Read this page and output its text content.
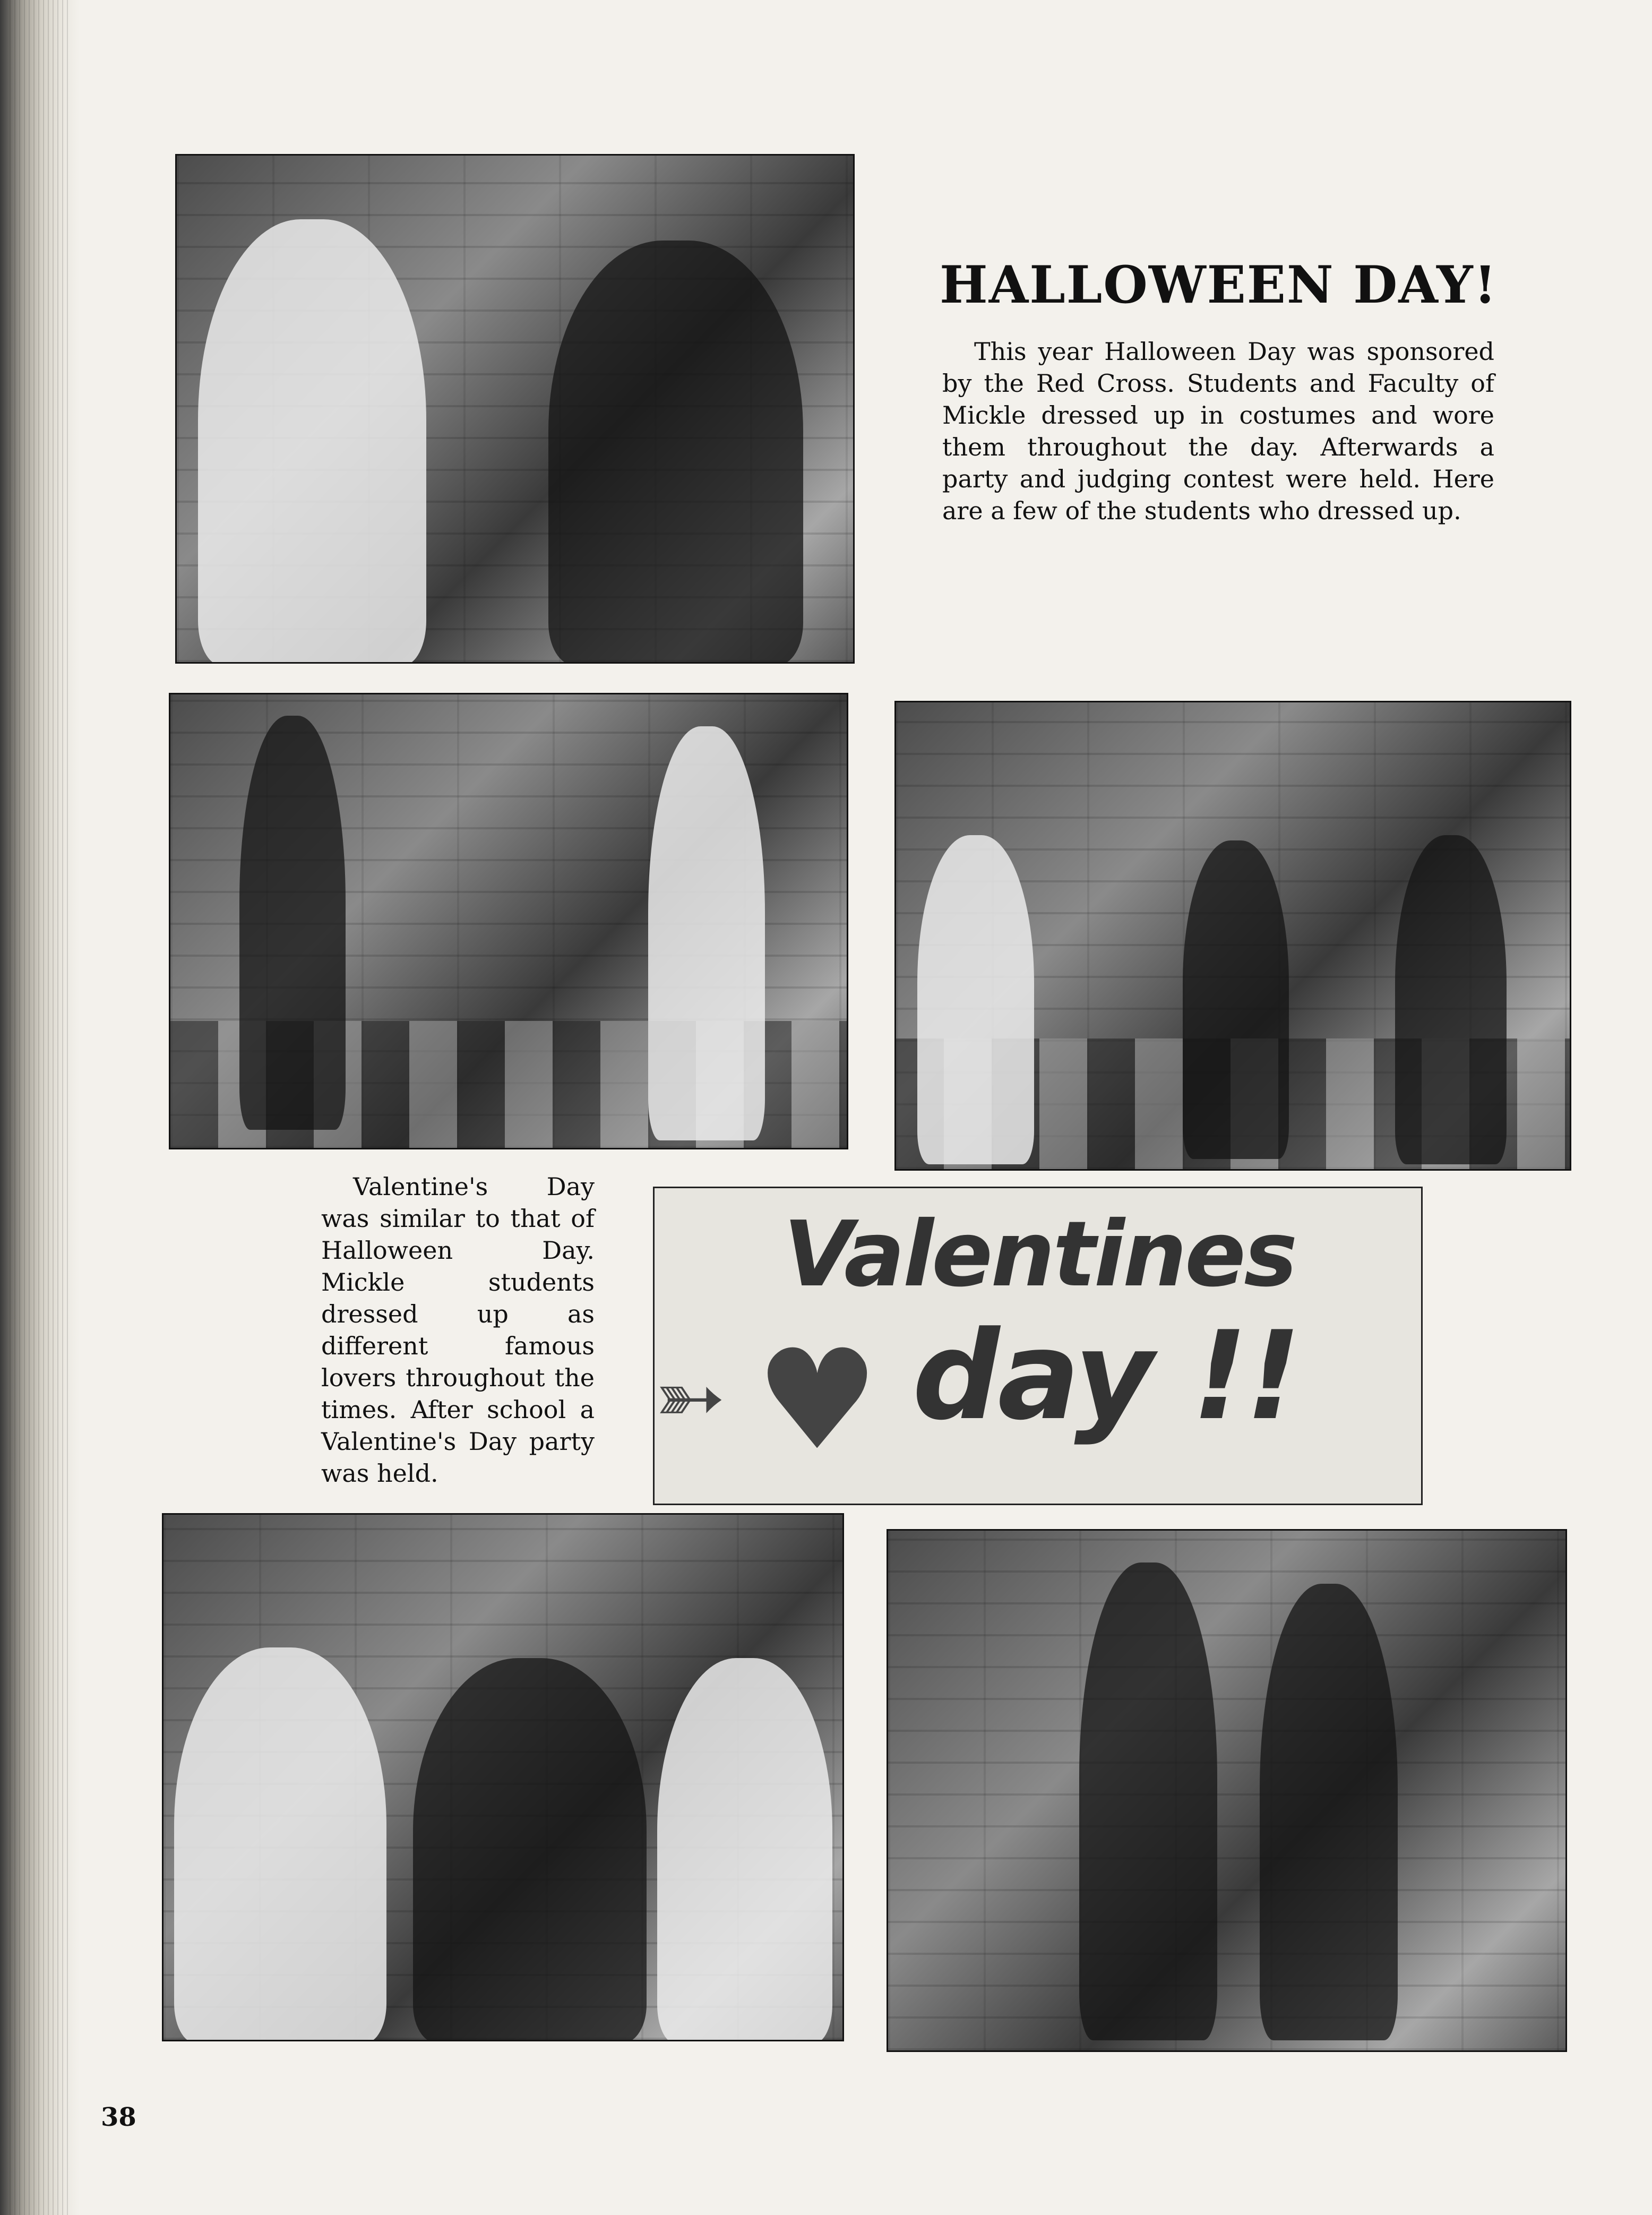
HALLOWEEN DAY!
This year Halloween Day was sponsored by the Red Cross. Students and Faculty of Mickle dressed up in costumes and wore them throughout the day. Afterwards a party and judging contest were held. Here are a few of the students who dressed up.
Valentine's Day was similar to that of Halloween Day. Mickle students dressed up as different famous lovers throughout the times. After school a Valentine's Day party was held.
Valentines
➳ ♥ day !!
38
